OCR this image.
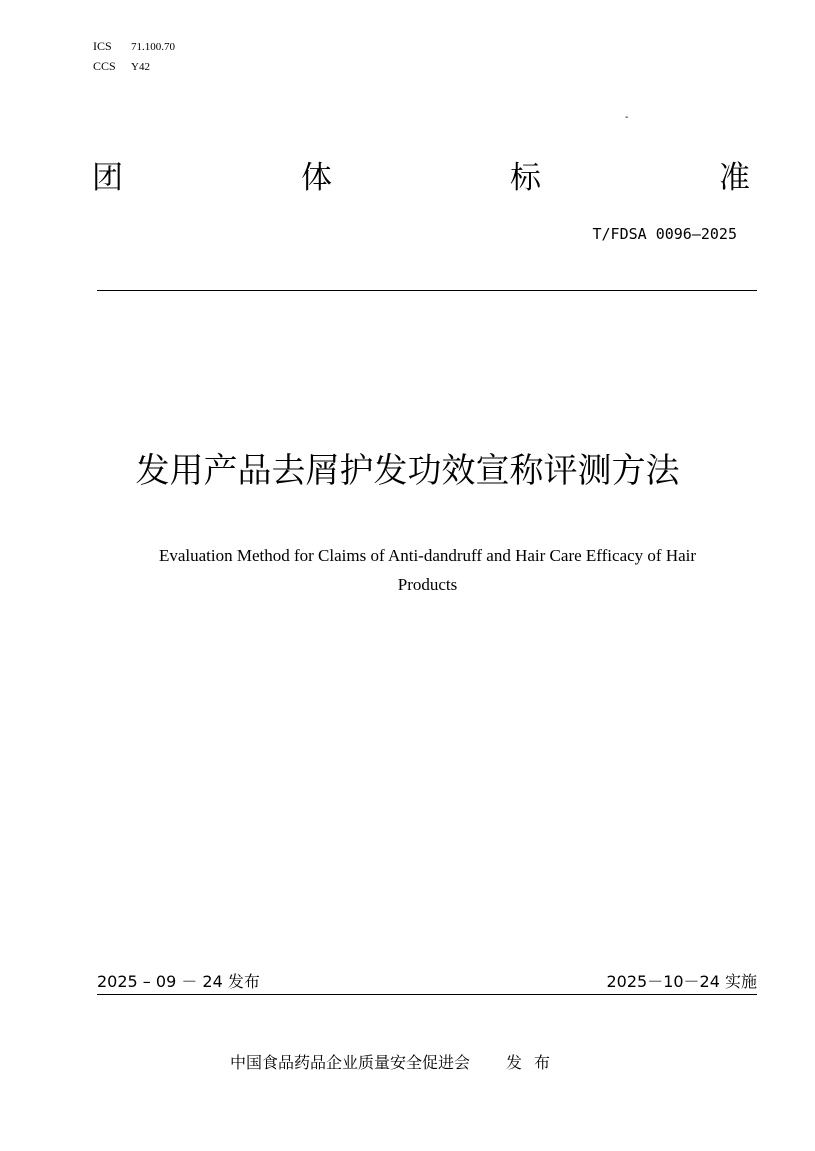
ICS 71.100.70
CCS Y42
-
团	体	标	准
T/FDSA 0096—2025
发用产品去屑护发功效宣称评测方法
Evaluation Method for Claims of Anti-dandruff and Hair Care Efficacy of Hair
Products
2025 – 09 － 24 发布	2025－10－24 实施
中国食品药品企业质量安全促进会 发布
